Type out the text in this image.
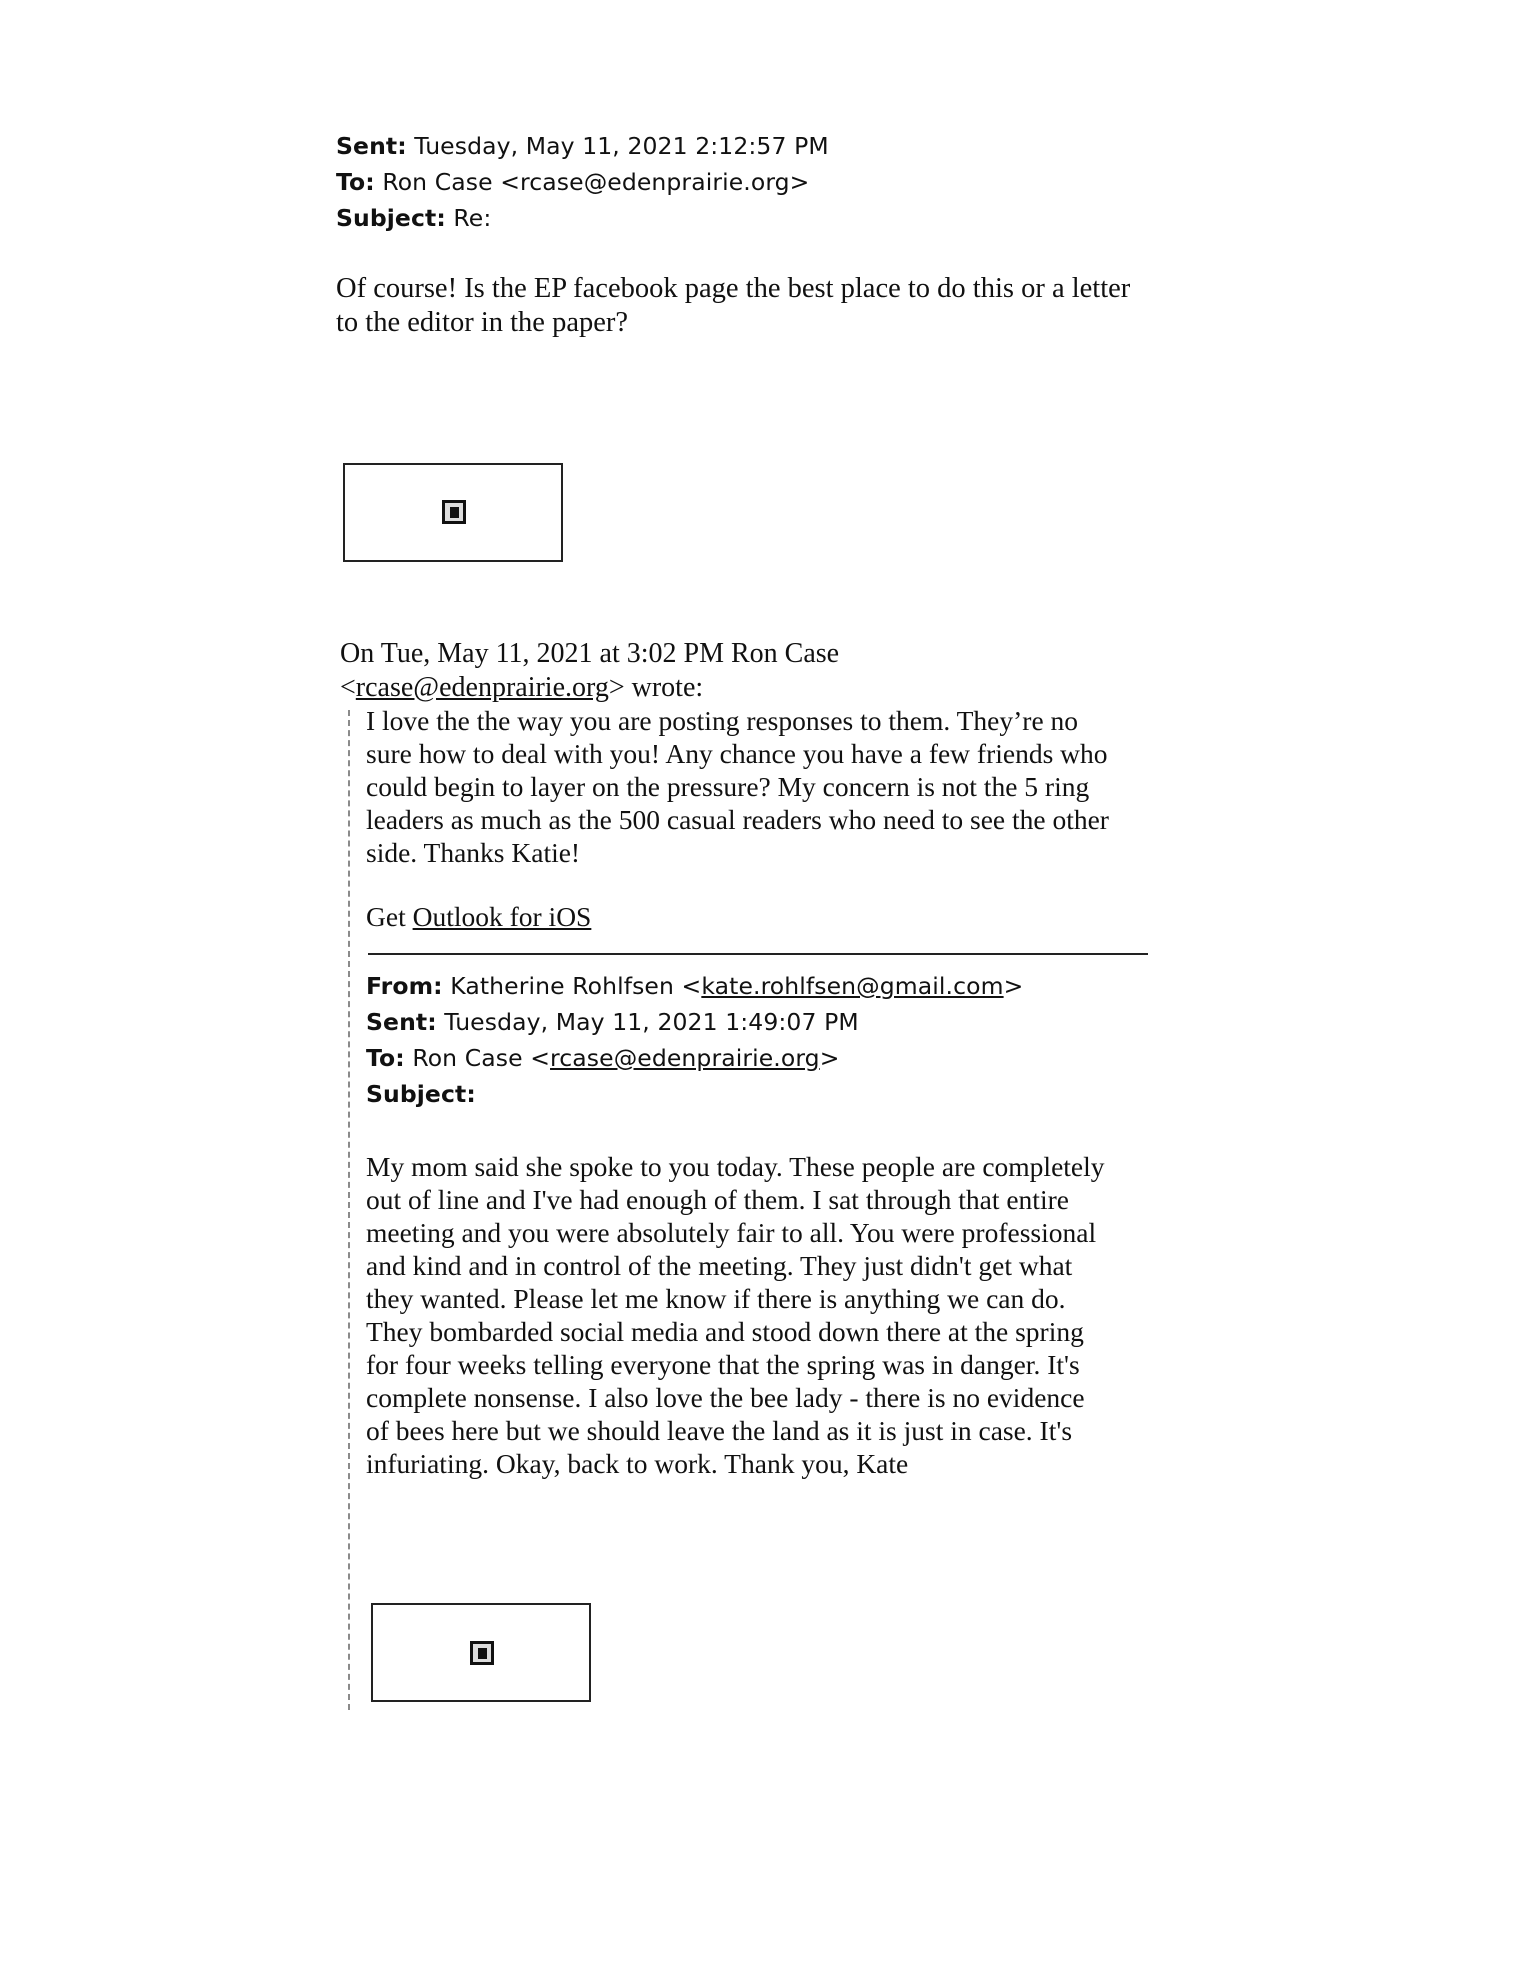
Sent: Tuesday, May 11, 2021 2:12:57 PM
To: Ron Case <rcase@edenprairie.org>
Subject: Re:
Of course! Is the EP facebook page the best place to do this or a letter
to the editor in the paper?
On Tue, May 11, 2021 at 3:02 PM Ron Case
<rcase@edenprairie.org> wrote:
I love the the way you are posting responses to them. They’re no
sure how to deal with you! Any chance you have a few friends who
could begin to layer on the pressure? My concern is not the 5 ring
leaders as much as the 500 casual readers who need to see the other
side. Thanks Katie!
Get Outlook for iOS
From: Katherine Rohlfsen <kate.rohlfsen@gmail.com>
Sent: Tuesday, May 11, 2021 1:49:07 PM
To: Ron Case <rcase@edenprairie.org>
Subject:
My mom said she spoke to you today. These people are completely
out of line and I've had enough of them. I sat through that entire
meeting and you were absolutely fair to all. You were professional
and kind and in control of the meeting. They just didn't get what
they wanted. Please let me know if there is anything we can do.
They bombarded social media and stood down there at the spring
for four weeks telling everyone that the spring was in danger. It's
complete nonsense. I also love the bee lady - there is no evidence
of bees here but we should leave the land as it is just in case. It's
infuriating. Okay, back to work. Thank you, Kate
